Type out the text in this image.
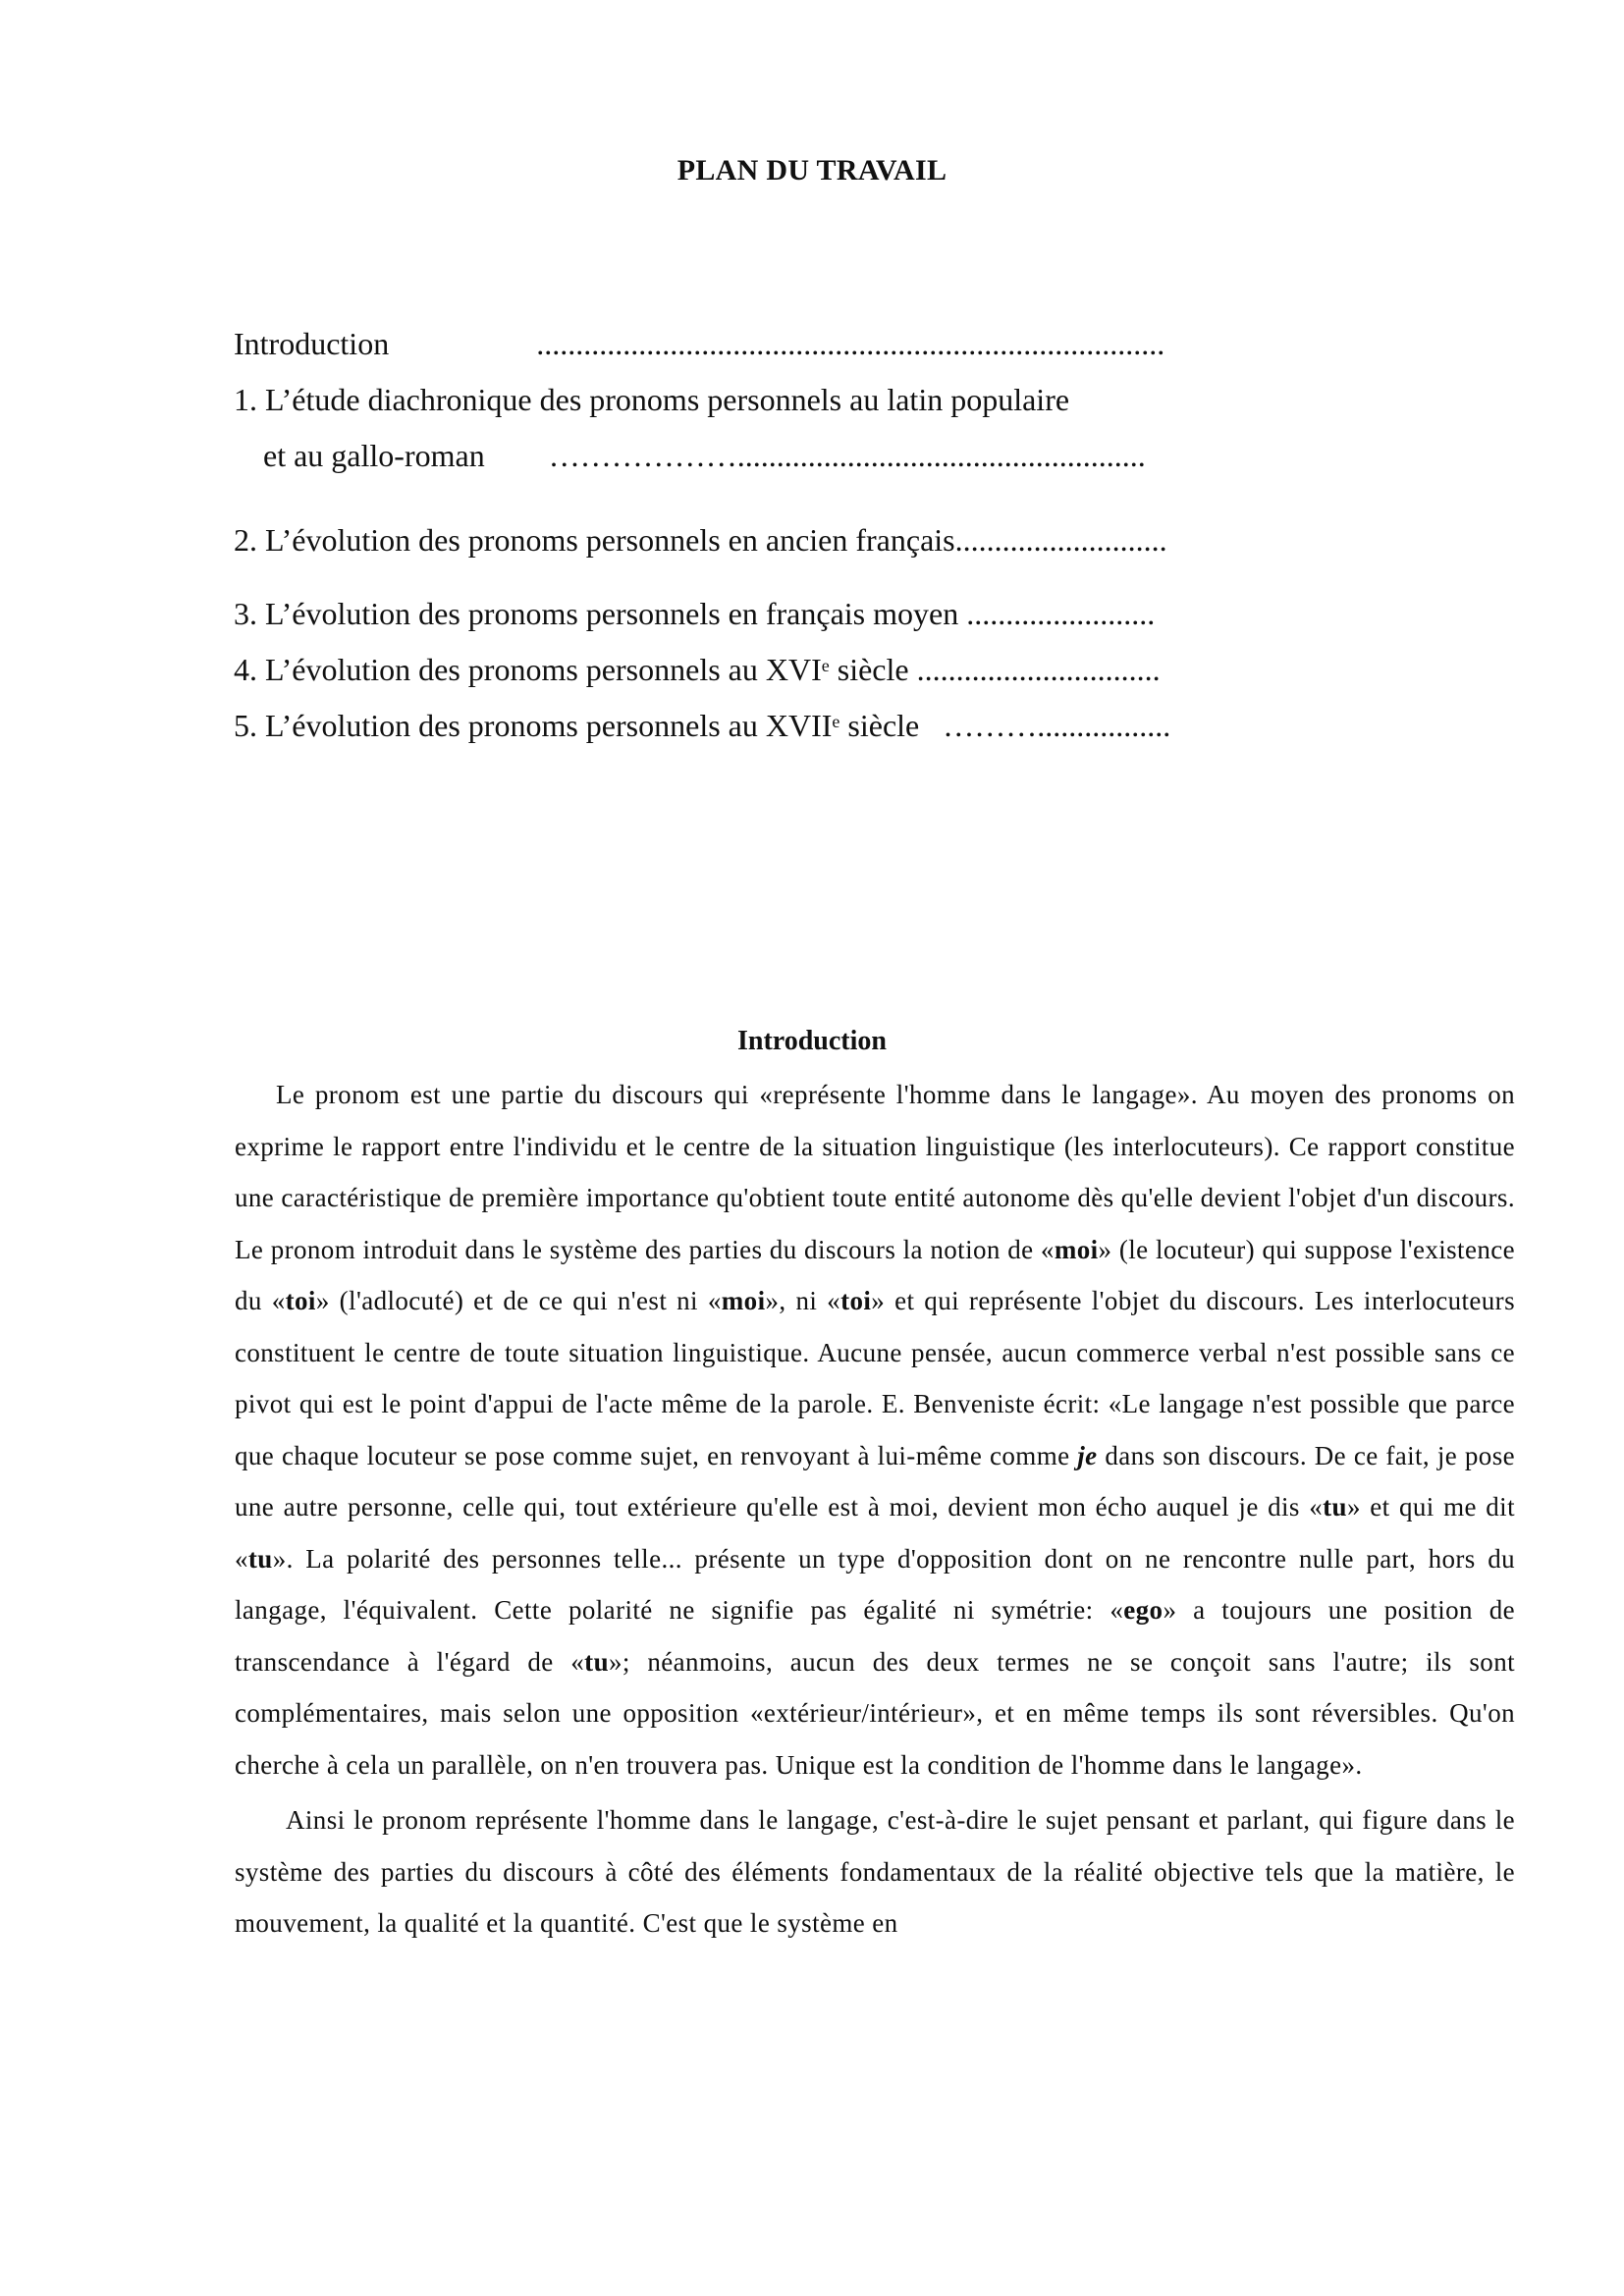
PLAN DU TRAVAIL
Introduction	................................................................................
1. L’étude diachronique des pronoms personnels au latin populaire
et au gallo-roman ………………....................................................
2. L’évolution des pronoms personnels en ancien français...........................
3. L’évolution des pronoms personnels en français moyen ........................
4. L’évolution des pronoms personnels au XVIe siècle ...............................
5. L’évolution des pronoms personnels au XVIIe siècle   ……….................
Introduction

Le pronom est une partie du discours qui «représente l'homme dans le langage». Au moyen des pronoms on exprime le rapport entre l'individu et le centre de la situation linguistique (les interlocuteurs). Ce rapport constitue une caractéristique de première importance qu'obtient toute entité autonome dès qu'elle devient l'objet d'un discours. Le pronom introduit dans le système des parties du discours la notion de «moi» (le locuteur) qui suppose l'existence du «toi» (l'adlocuté) et de ce qui n'est ni «moi», ni «toi» et qui représente l'objet du discours. Les interlocuteurs constituent le centre de toute situation linguistique. Aucune pensée, aucun commerce verbal n'est possible sans ce pivot qui est le point d'appui de l'acte même de la parole. E. Benveniste écrit: «Le langage n'est possible que parce que chaque locuteur se pose comme sujet, en renvoyant à lui-même comme je dans son discours. De ce fait, je pose une autre personne, celle qui, tout extérieure qu'elle est à moi, devient mon écho auquel je dis «tu» et qui me dit «tu». La polarité des personnes telle... présente un type d'opposition dont on ne rencontre nulle part, hors du langage, l'équivalent. Cette polarité ne signifie pas égalité ni symétrie: «ego» a toujours une position de transcendance à l'égard de «tu»; néanmoins, aucun des deux termes ne se conçoit sans l'autre; ils sont complémentaires, mais selon une opposition «extérieur/intérieur», et en même temps ils sont réversibles. Qu'on cherche à cela un parallèle, on n'en trouvera pas. Unique est la condition de l'homme dans le langage».

Ainsi le pronom représente l'homme dans le langage, c'est-à-dire le sujet pensant et parlant, qui figure dans le système des parties du discours à côté des éléments fondamentaux de la réalité objective tels que la matière, le mouvement, la qualité et la quantité. C'est que le système en
